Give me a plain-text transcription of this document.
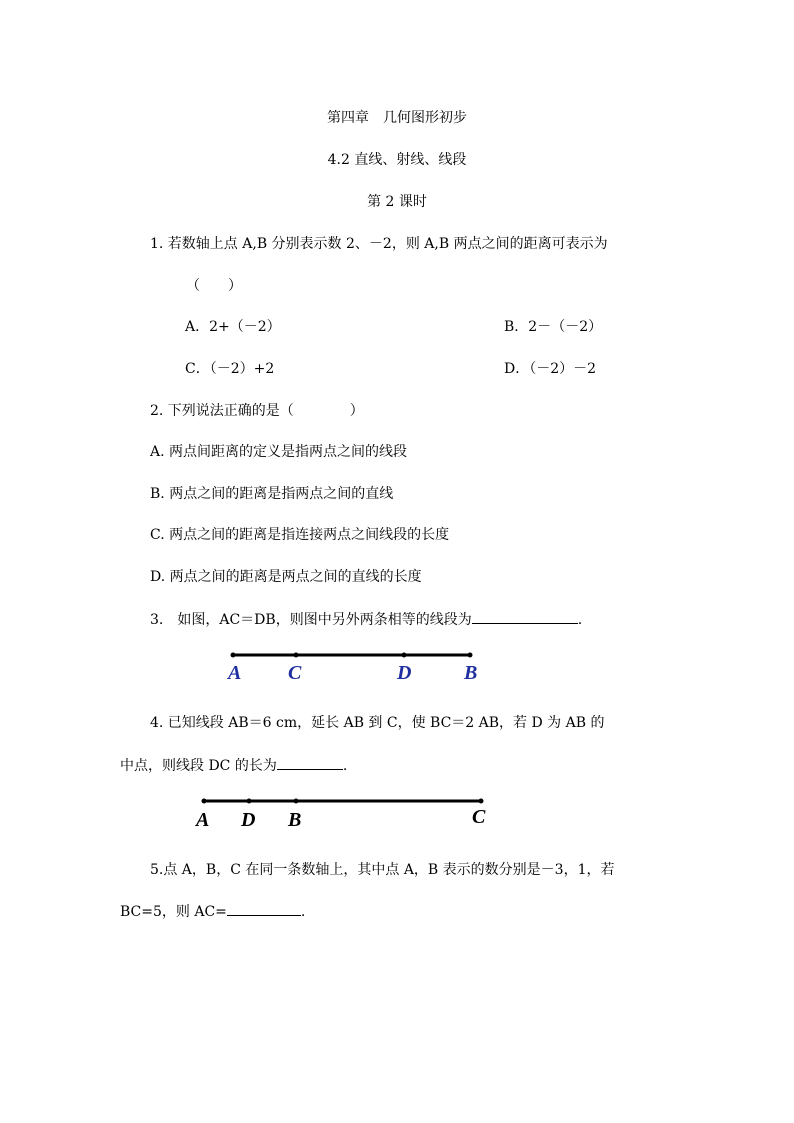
第四章　几何图形初步
4.2 直线、射线、线段
第 2 课时
1. 若数轴上点 A,B 分别表示数 2、－2，则 A,B 两点之间的距离可表示为
（　　）
A．2+（－2）	B．2－（－2）
C．（－2）+2	D．（－2）－2
2. 下列说法正确的是（　　　　）
A. 两点间距离的定义是指两点之间的线段
B. 两点之间的距离是指两点之间的直线
C. 两点之间的距离是指连接两点之间线段的长度
D. 两点之间的距离是两点之间的直线的长度
3.　如图，AC＝DB，则图中另外两条相等的线段为	.
A C	D	B
4. 已知线段 AB＝6 cm，延长 AB 到 C，使 BC＝2 AB，若 D 为 AB 的
中点，则线段 DC 的长为	.
A D B	C
5.点 A，B，C 在同一条数轴上，其中点 A，B 表示的数分别是－3，1，若
BC=5，则 AC=	.
